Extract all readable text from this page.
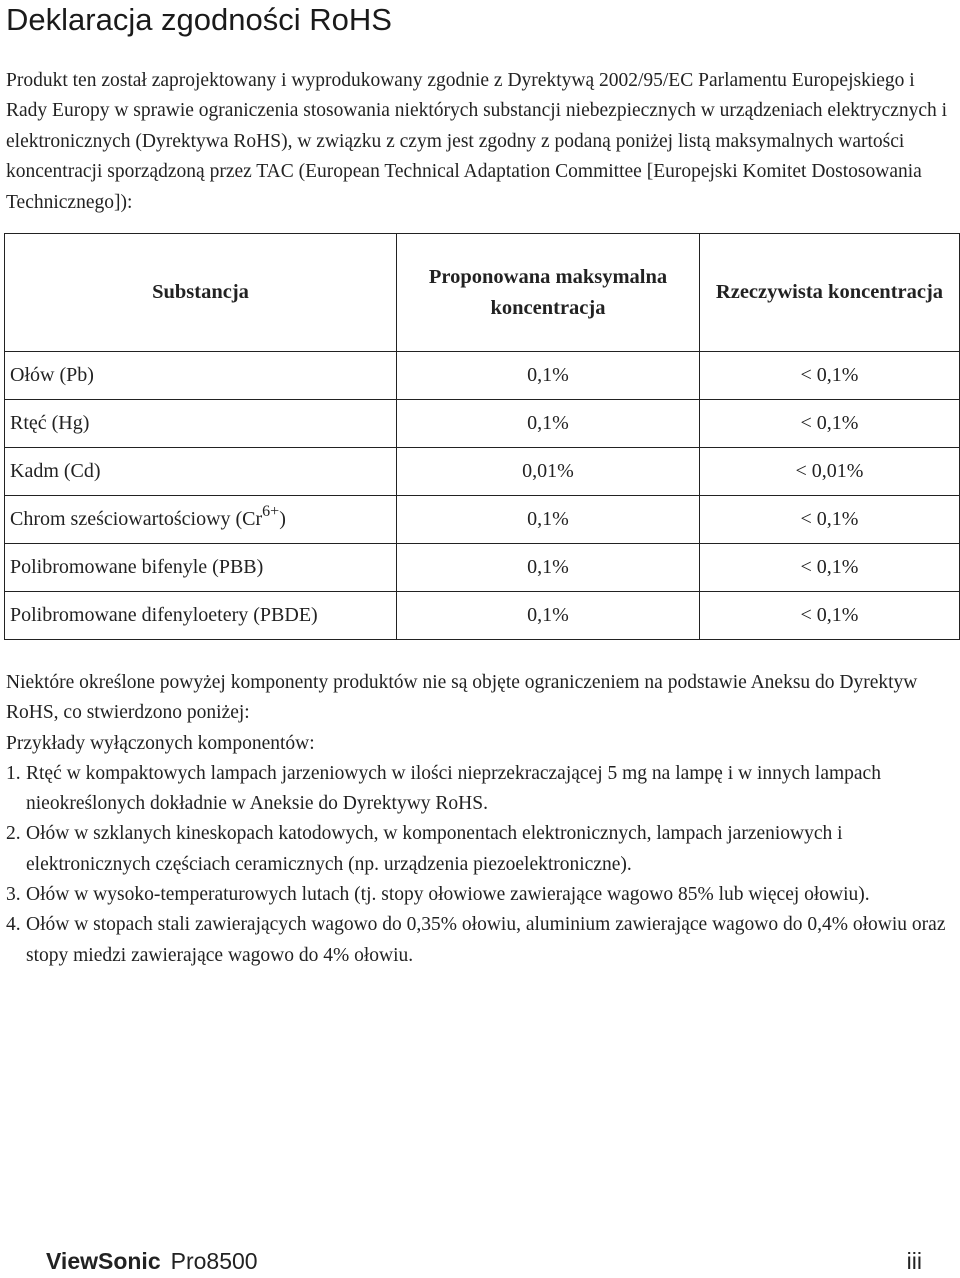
Deklaracja zgodności RoHS

Produkt ten został zaprojektowany i wyprodukowany zgodnie z Dyrektywą 2002/95/EC Parlamentu Europejskiego i Rady Europy w sprawie ograniczenia stosowania niektórych substancji niebezpiecznych w urządzeniach elektrycznych i elektronicznych (Dyrektywa RoHS), w związku z czym jest zgodny z podaną poniżej listą maksymalnych wartości koncentracji sporządzoną przez TAC (European Technical Adaptation Committee [Europejski Komitet Dostosowania Technicznego]):

Substancja	Proponowana maksymalna koncentracja	Rzeczywista koncentracja
Ołów (Pb)	0,1%	< 0,1%
Rtęć (Hg)	0,1%	< 0,1%
Kadm (Cd)	0,01%	< 0,01%
Chrom sześciowartościowy $(Cr^{6+})$	0,1%	< 0,1%
Polibromowane bifenyle (PBB)	0,1%	< 0,1%
Polibromowane difenyloetery (PBDE)	0,1%	< 0,1%

Niektóre określone powyżej komponenty produktów nie są objęte ograniczeniem na podstawie Aneksu do Dyrektyw RoHS, co stwierdzono poniżej:

Przykłady wyłączonych komponentów:

1. Rtęć w kompaktowych lampach jarzeniowych w ilości nieprzekraczającej 5 mg na lampę i w innych lampach nieokreślonych dokładnie w Aneksie do Dyrektywy RoHS.
2. Ołów w szklanych kineskopach katodowych, w komponentach elektronicznych, lampach jarzeniowych i elektronicznych częściach ceramicznych (np. urządzenia piezoelektroniczne).
3. Ołów w wysoko-temperaturowych lutach (tj. stopy ołowiowe zawierające wagowo 85% lub więcej ołowiu).
4. Ołów w stopach stali zawierających wagowo do 0,35% ołowiu, aluminium zawierające wagowo do 0,4% ołowiu oraz stopy miedzi zawierające wagowo do 4% ołowiu.
ViewSonic Pro8500	iii
